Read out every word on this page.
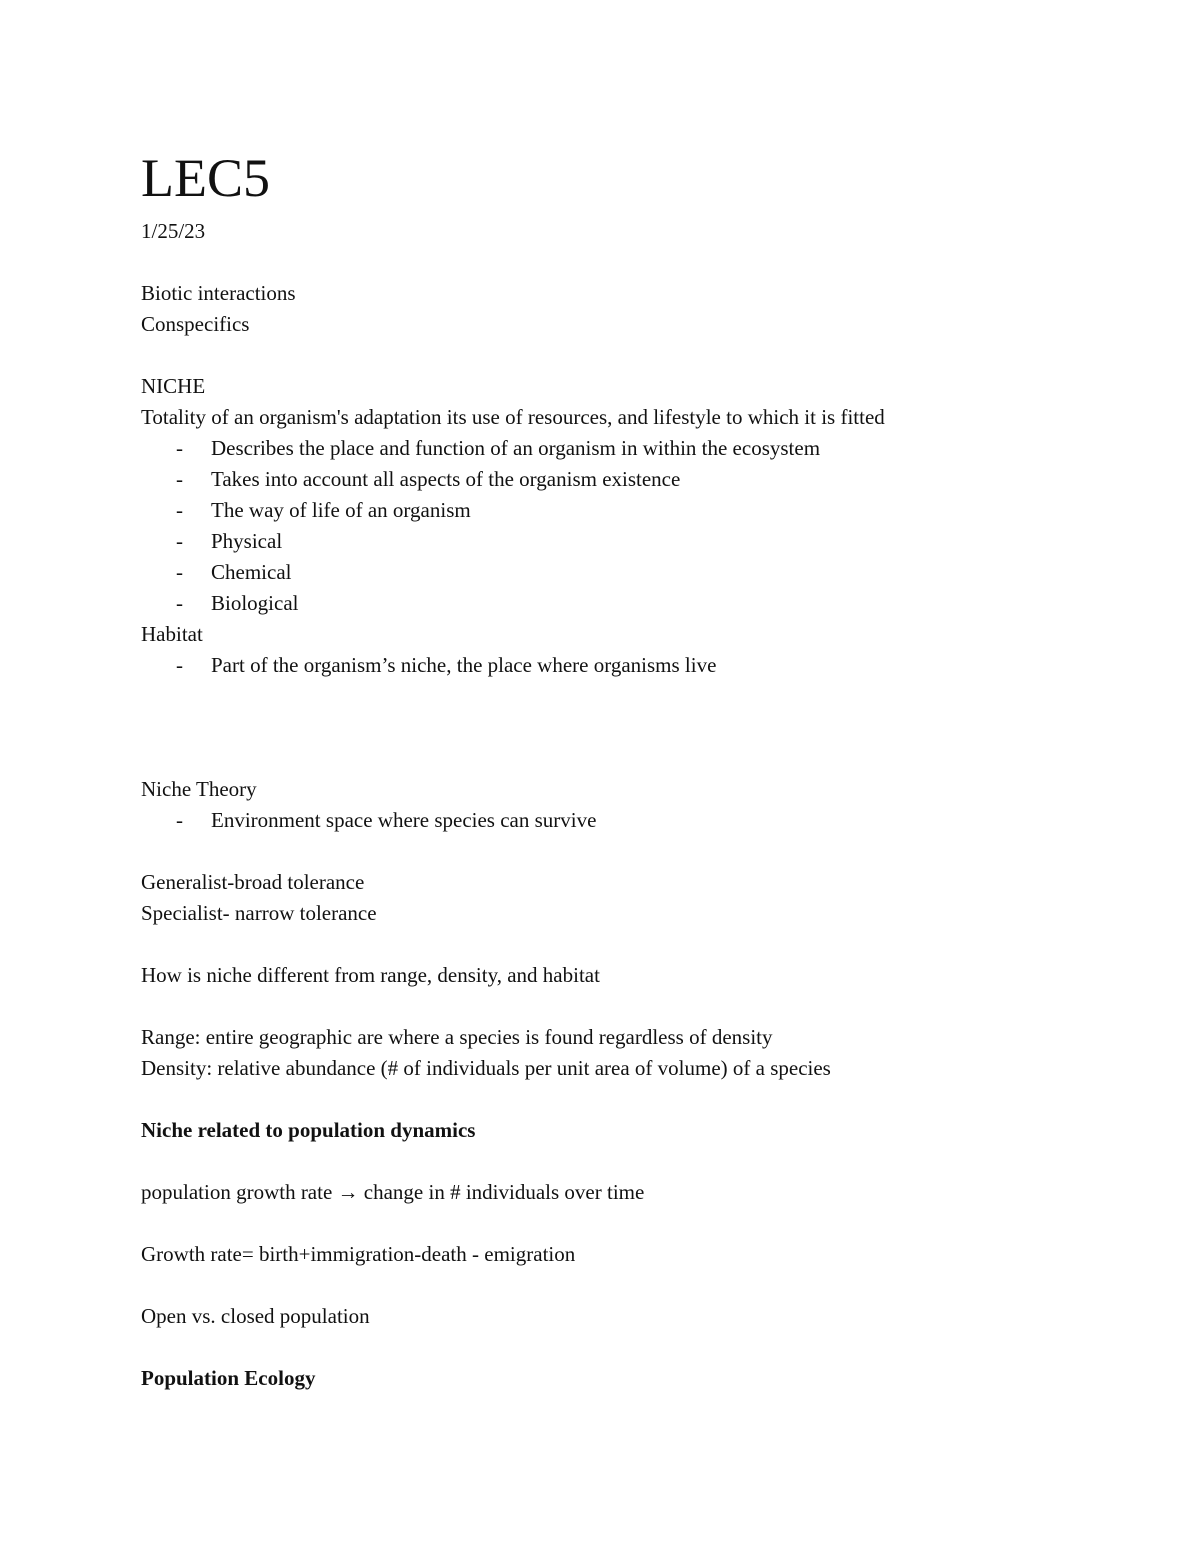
LEC5
1/25/23
Biotic interactions
Conspecifics
NICHE
Totality of an organism's adaptation its use of resources, and lifestyle to which it is fitted
- Describes the place and function of an organism in within the ecosystem
- Takes into account all aspects of the organism existence
- The way of life of an organism
- Physical
- Chemical
- Biological
Habitat
- Part of the organism’s niche, the place where organisms live
Niche Theory
- Environment space where species can survive
Generalist-broad tolerance
Specialist- narrow tolerance
How is niche different from range, density, and habitat
Range: entire geographic are where a species is found regardless of density
Density: relative abundance (# of individuals per unit area of volume) of a species
Niche related to population dynamics
population growth rate → change in # individuals over time
Growth rate= birth+immigration-death - emigration
Open vs. closed population
Population Ecology
